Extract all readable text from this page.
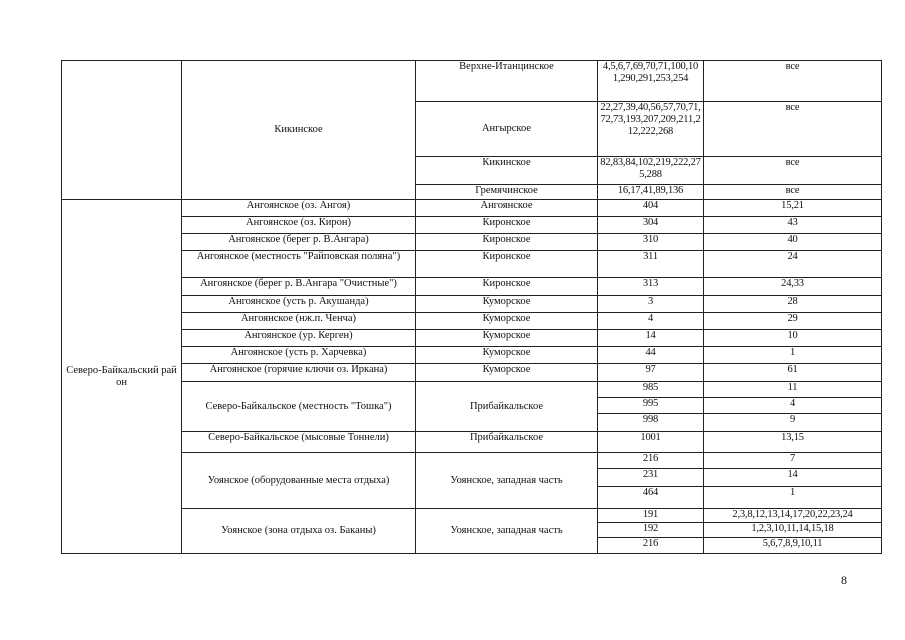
	Кикинское	Верхне-Итанцинское	4,5,6,7,69,70,71,100,101,290,291,253,254	все
		Ангырское	22,27,39,40,56,57,70,71,72,73,193,207,209,211,212,222,268	все
		Кикинское	82,83,84,102,219,222,275,288	все
		Гремячинское	16,17,41,89,136	все
Северо-Байкальский район	Ангоянское (оз. Ангоя)	Ангоянское	404	15,21
	Ангоянское (оз. Кирон)	Киронское	304	43
	Ангоянское (берег р. В.Ангара)	Киронское	310	40
	Ангоянское (местность "Райповская поляна")	Киронское	311	24
	Ангоянское (берег р. В.Ангара "Очистные")	Киронское	313	24,33
	Ангоянское (усть р. Акушанда)	Куморское	3	28
	Ангоянское (нж.п. Ченча)	Куморское	4	29
	Ангоянское (ур. Керген)	Куморское	14	10
	Ангоянское (усть р. Харчевка)	Куморское	44	1
	Ангоянское (горячие ключи оз. Иркана)	Куморское	97	61
	Северо-Байкальское (местность "Тошка")	Прибайкальское	985	11
			995	4
			998	9
	Северо-Байкальское (мысовые Тоннели)	Прибайкальское	1001	13,15
	Уоянское (оборудованные места отдыха)	Уоянское, западная часть	216	7
			231	14
			464	1
	Уоянское (зона отдыха оз. Баканы)	Уоянское, западная часть	191	2,3,8,12,13,14,17,20,22,23,24
			192	1,2,3,10,11,14,15,18
			216	5,6,7,8,9,10,11
8
